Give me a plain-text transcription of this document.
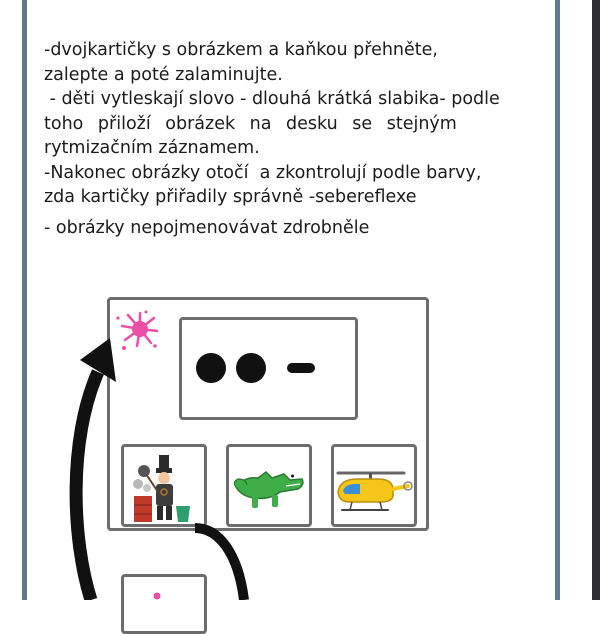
-dvojkartičky s obrázkem a kaňkou přehněte,

zalepte a poté zalaminujte.

- děti vytleskají slovo - dlouhá krátká slabika- podle

toho přiloží obrázek na desku se stejným

rytmizačním záznamem.

-Nakonec obrázky otočí  a zkontrolují podle barvy,

zda kartičky přiřadily správně -sebereflexe

- obrázky nepojmenovávat zdrobněle
